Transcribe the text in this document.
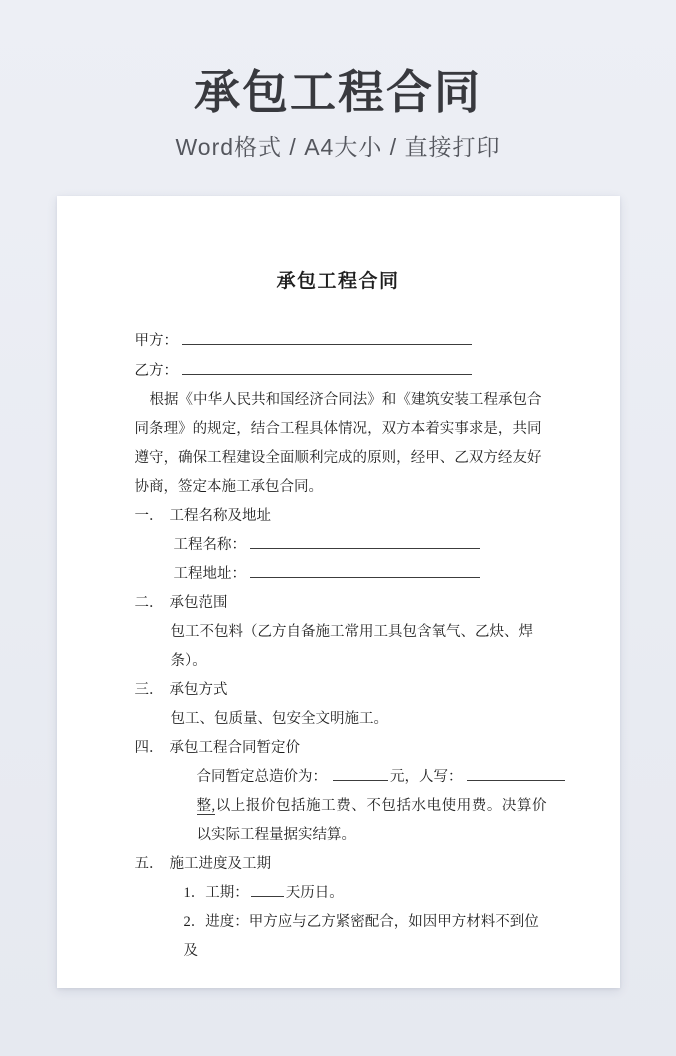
承包工程合同
Word格式 / A4大小 / 直接打印
承包工程合同
甲方：
乙方：

根据《中华人民共和国经济合同法》和《建筑安装工程承包合同条理》的规定，结合工程具体情况，双方本着实事求是，共同遵守，确保工程建设全面顺利完成的原则，经甲、乙双方经友好协商，签定本施工承包合同。

一． 工程名称及地址
工程名称：
工程地址：
二． 承包范围
包工不包料（乙方自备施工常用工具包含氧气、乙炔、焊条）。
三． 承包方式
包工、包质量、包安全文明施工。
四． 承包工程合同暂定价
合同暂定总造价为：	元，人写：
整,以上报价包括施工费、不包括水电使用费。决算价以实际工程量据实结算。
五． 施工进度及工期
1．工期：	天历日。
2．进度：甲方应与乙方紧密配合，如因甲方材料不到位及
